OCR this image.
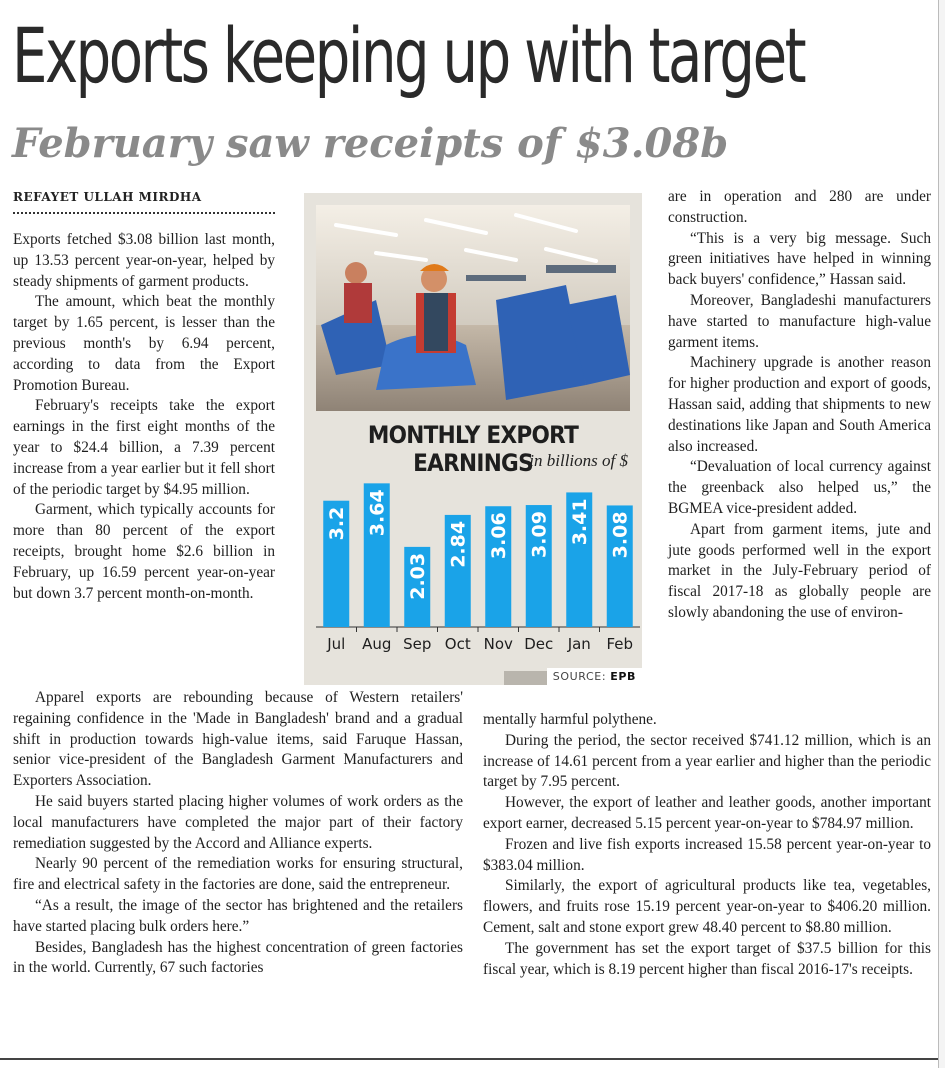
Exports keeping up with target
February saw receipts of $3.08b
REFAYET ULLAH MIRDHA

Exports fetched $3.08 billion last month, up 13.53 percent year-on-year, helped by steady shipments of garment products.

The amount, which beat the monthly target by 1.65 percent, is lesser than the previous month's by 6.94 percent, according to data from the Export Promotion Bureau.

February's receipts take the export earnings in the first eight months of the year to $24.4 billion, a 7.39 percent increase from a year earlier but it fell short of the periodic target by $4.95 million.

Garment, which typically accounts for more than 80 percent of the export receipts, brought home $2.6 billion in February, up 16.59 percent year-on-year but down 3.7 percent month-on-month.

Apparel exports are rebounding because of Western retailers' regaining confidence in the 'Made in Bangladesh' brand and a gradual shift in production towards high-value items, said Faruque Hassan, senior vice-president of the Bangladesh Garment Manufacturers and Exporters Association.

He said buyers started placing higher volumes of work orders as the local manufacturers have completed the major part of their factory remediation suggested by the Accord and Alliance experts.

Nearly 90 percent of the remediation works for ensuring structural, fire and electrical safety in the factories are done, said the entrepreneur.

“As a result, the image of the sector has brightened and the retailers have started placing bulk orders here.”

Besides, Bangladesh has the highest concentration of green factories in the world. Currently, 67 such factories

MONTHLY EXPORT EARNINGS
in billions of $
3.2
Jul
3.64
Aug
2.03
Sep
2.84
Oct
3.06
Nov
3.09
Dec
3.41
Jan
3.08
Feb
SOURCE: EPB

are in operation and 280 are under construction.

“This is a very big message. Such green initiatives have helped in winning back buyers' confidence,” Hassan said.

Moreover, Bangladeshi manufacturers have started to manufacture high-value garment items.

Machinery upgrade is another reason for higher production and export of goods, Hassan said, adding that shipments to new destinations like Japan and South America also increased.

“Devaluation of local currency against the greenback also helped us,” the BGMEA vice-president added.

Apart from garment items, jute and jute goods performed well in the export market in the July-February period of fiscal 2017-18 as globally people are slowly abandoning the use of environ-

mentally harmful polythene.

During the period, the sector received $741.12 million, which is an increase of 14.61 percent from a year earlier and higher than the periodic target by 7.95 percent.

However, the export of leather and leather goods, another important export earner, decreased 5.15 percent year-on-year to $784.97 million.

Frozen and live fish exports increased 15.58 percent year-on-year to $383.04 million.

Similarly, the export of agricultural products like tea, vegetables, flowers, and fruits rose 15.19 percent year-on-year to $406.20 million. Cement, salt and stone export grew 48.40 percent to $8.80 million.

The government has set the export target of $37.5 billion for this fiscal year, which is 8.19 percent higher than fiscal 2016-17's receipts.
